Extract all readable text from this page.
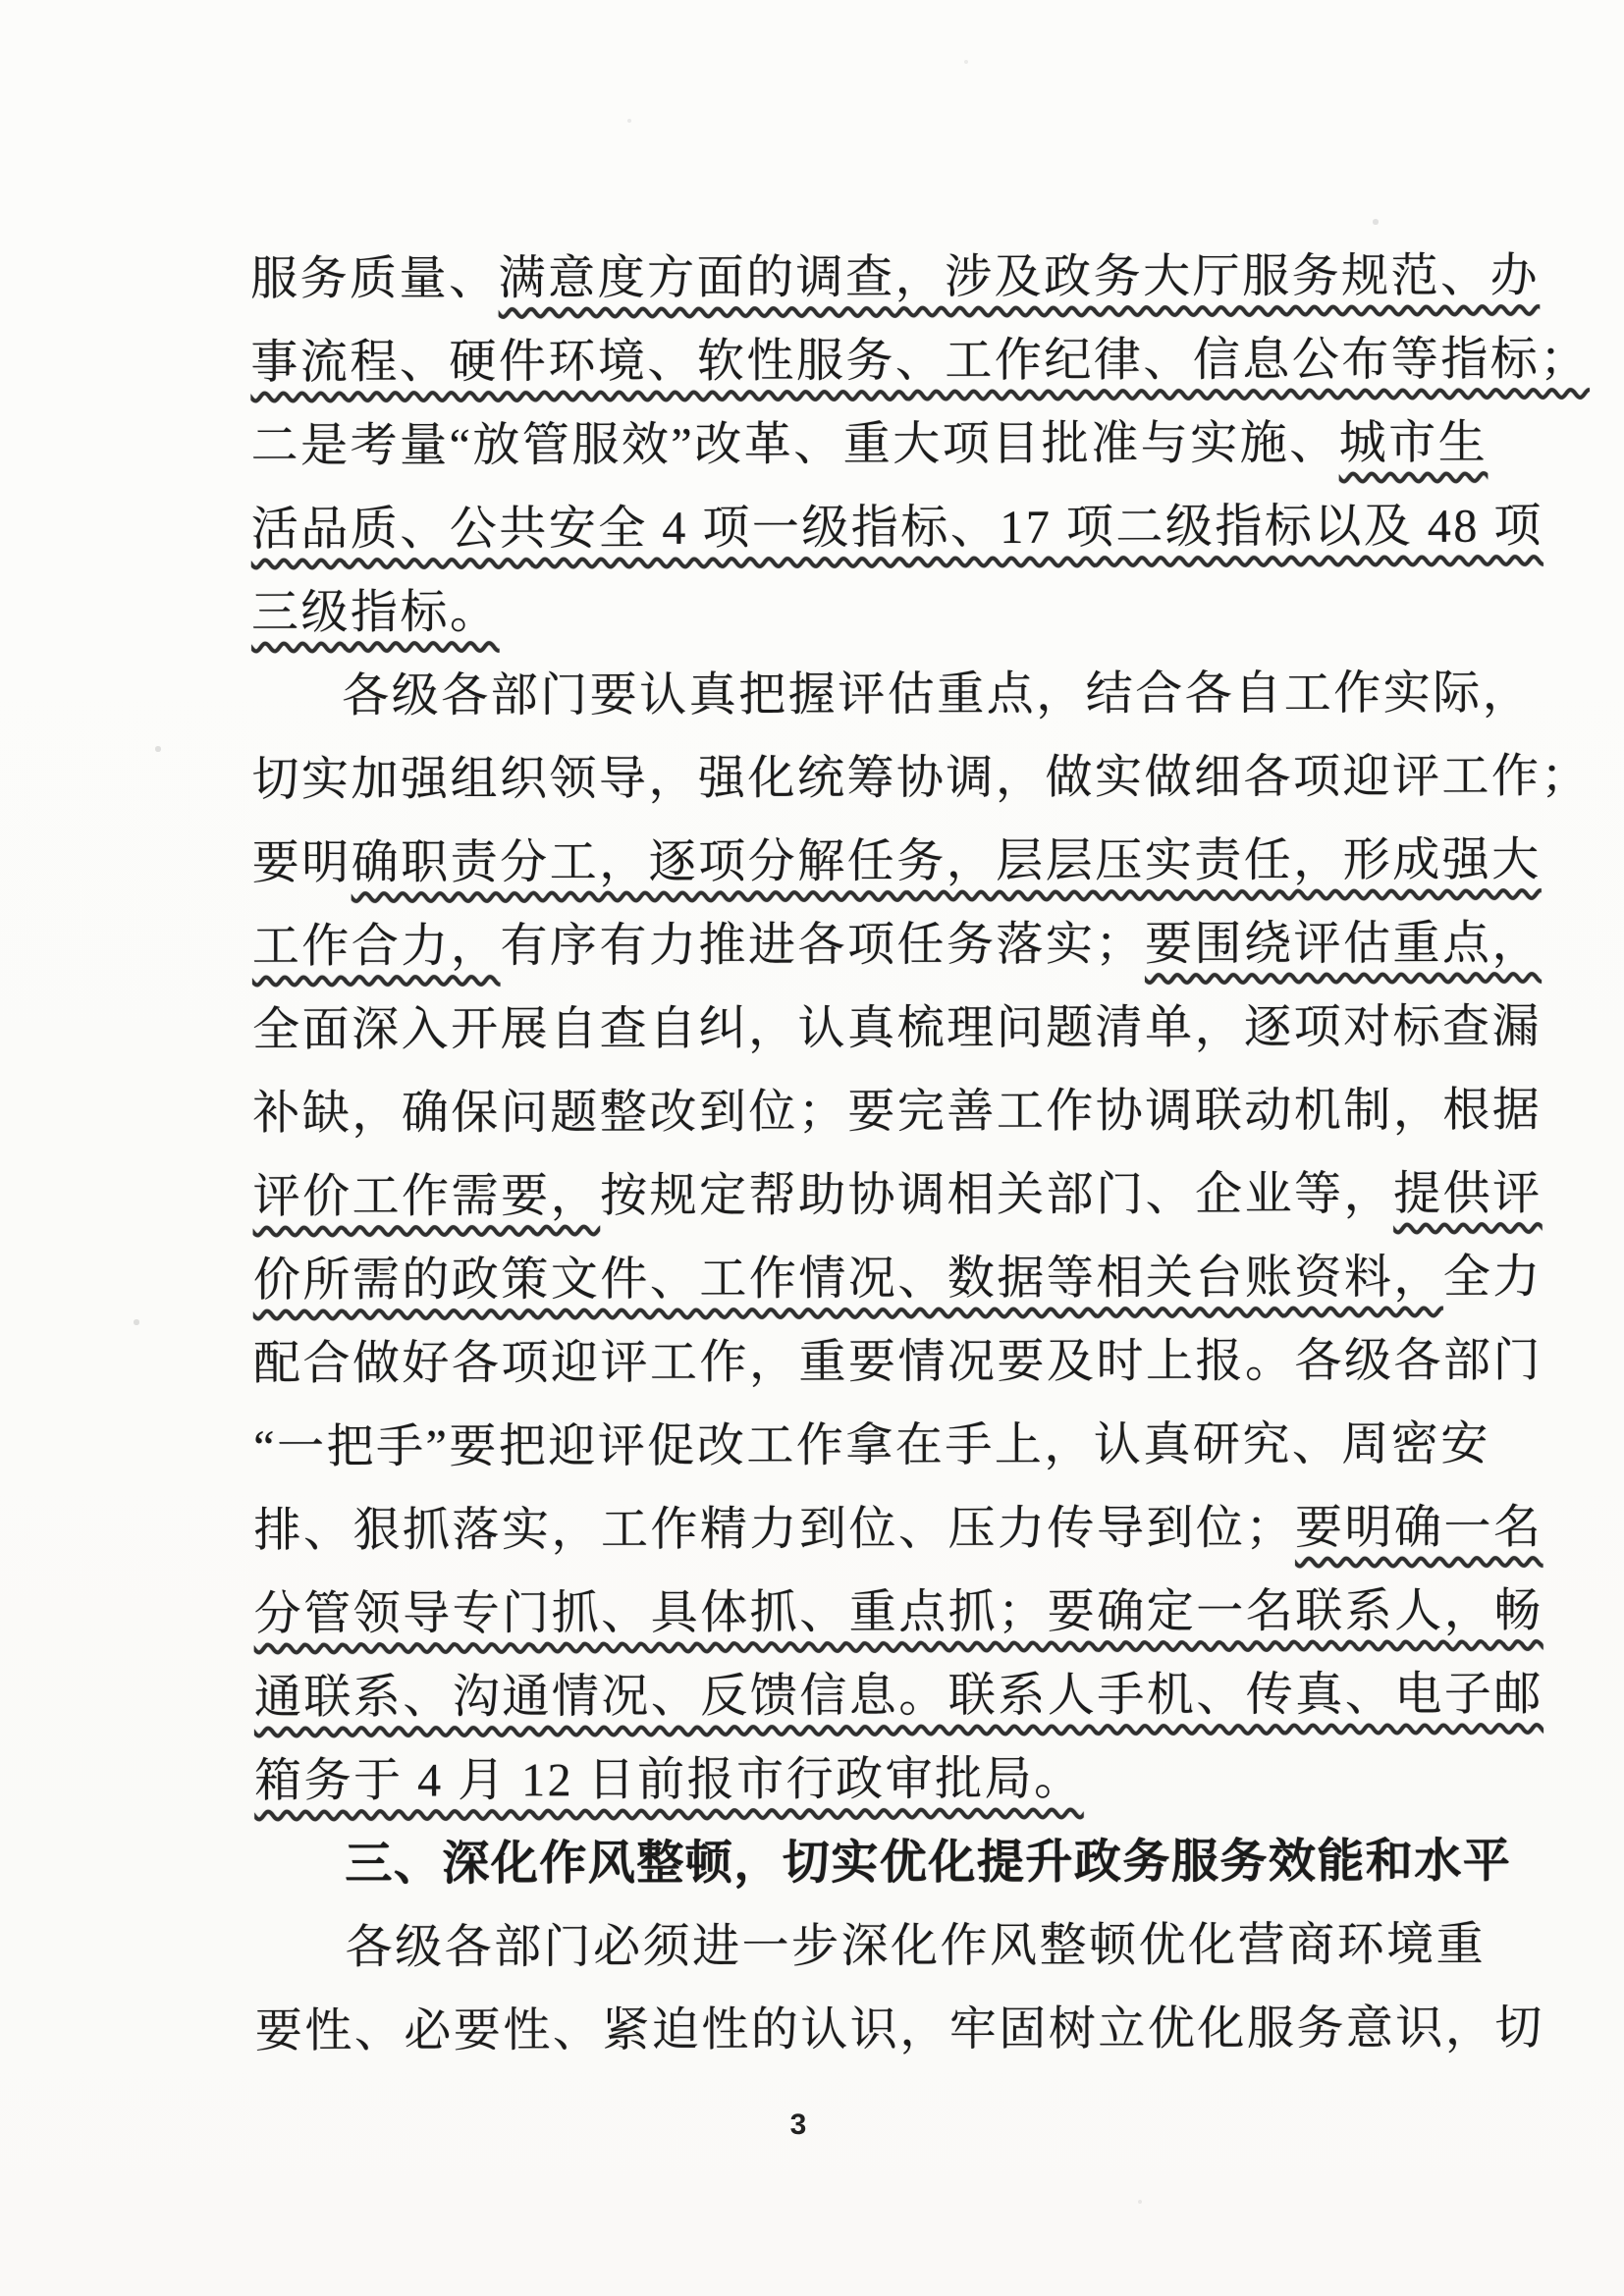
服务质量、满意度方面的调查，涉及政务大厅服务规范、办
事流程、硬件环境、软性服务、工作纪律、信息公布等指标；
二是考量“放管服效”改革、重大项目批准与实施、城市生
活品质、公共安全 4 项一级指标、17 项二级指标以及 48 项
三级指标。
各级各部门要认真把握评估重点，结合各自工作实际，
切实加强组织领导，强化统筹协调，做实做细各项迎评工作；
要明确职责分工，逐项分解任务，层层压实责任，形成强大
工作合力，有序有力推进各项任务落实；要围绕评估重点，
全面深入开展自查自纠，认真梳理问题清单，逐项对标查漏
补缺，确保问题整改到位；要完善工作协调联动机制，根据
评价工作需要，按规定帮助协调相关部门、企业等，提供评
价所需的政策文件、工作情况、数据等相关台账资料，全力
配合做好各项迎评工作，重要情况要及时上报。各级各部门
“一把手”要把迎评促改工作拿在手上，认真研究、周密安
排、狠抓落实，工作精力到位、压力传导到位；要明确一名
分管领导专门抓、具体抓、重点抓；要确定一名联系人，畅
通联系、沟通情况、反馈信息。联系人手机、传真、电子邮
箱务于 4 月 12 日前报市行政审批局。
三、深化作风整顿，切实优化提升政务服务效能和水平
各级各部门必须进一步深化作风整顿优化营商环境重
要性、必要性、紧迫性的认识，牢固树立优化服务意识，切
3
